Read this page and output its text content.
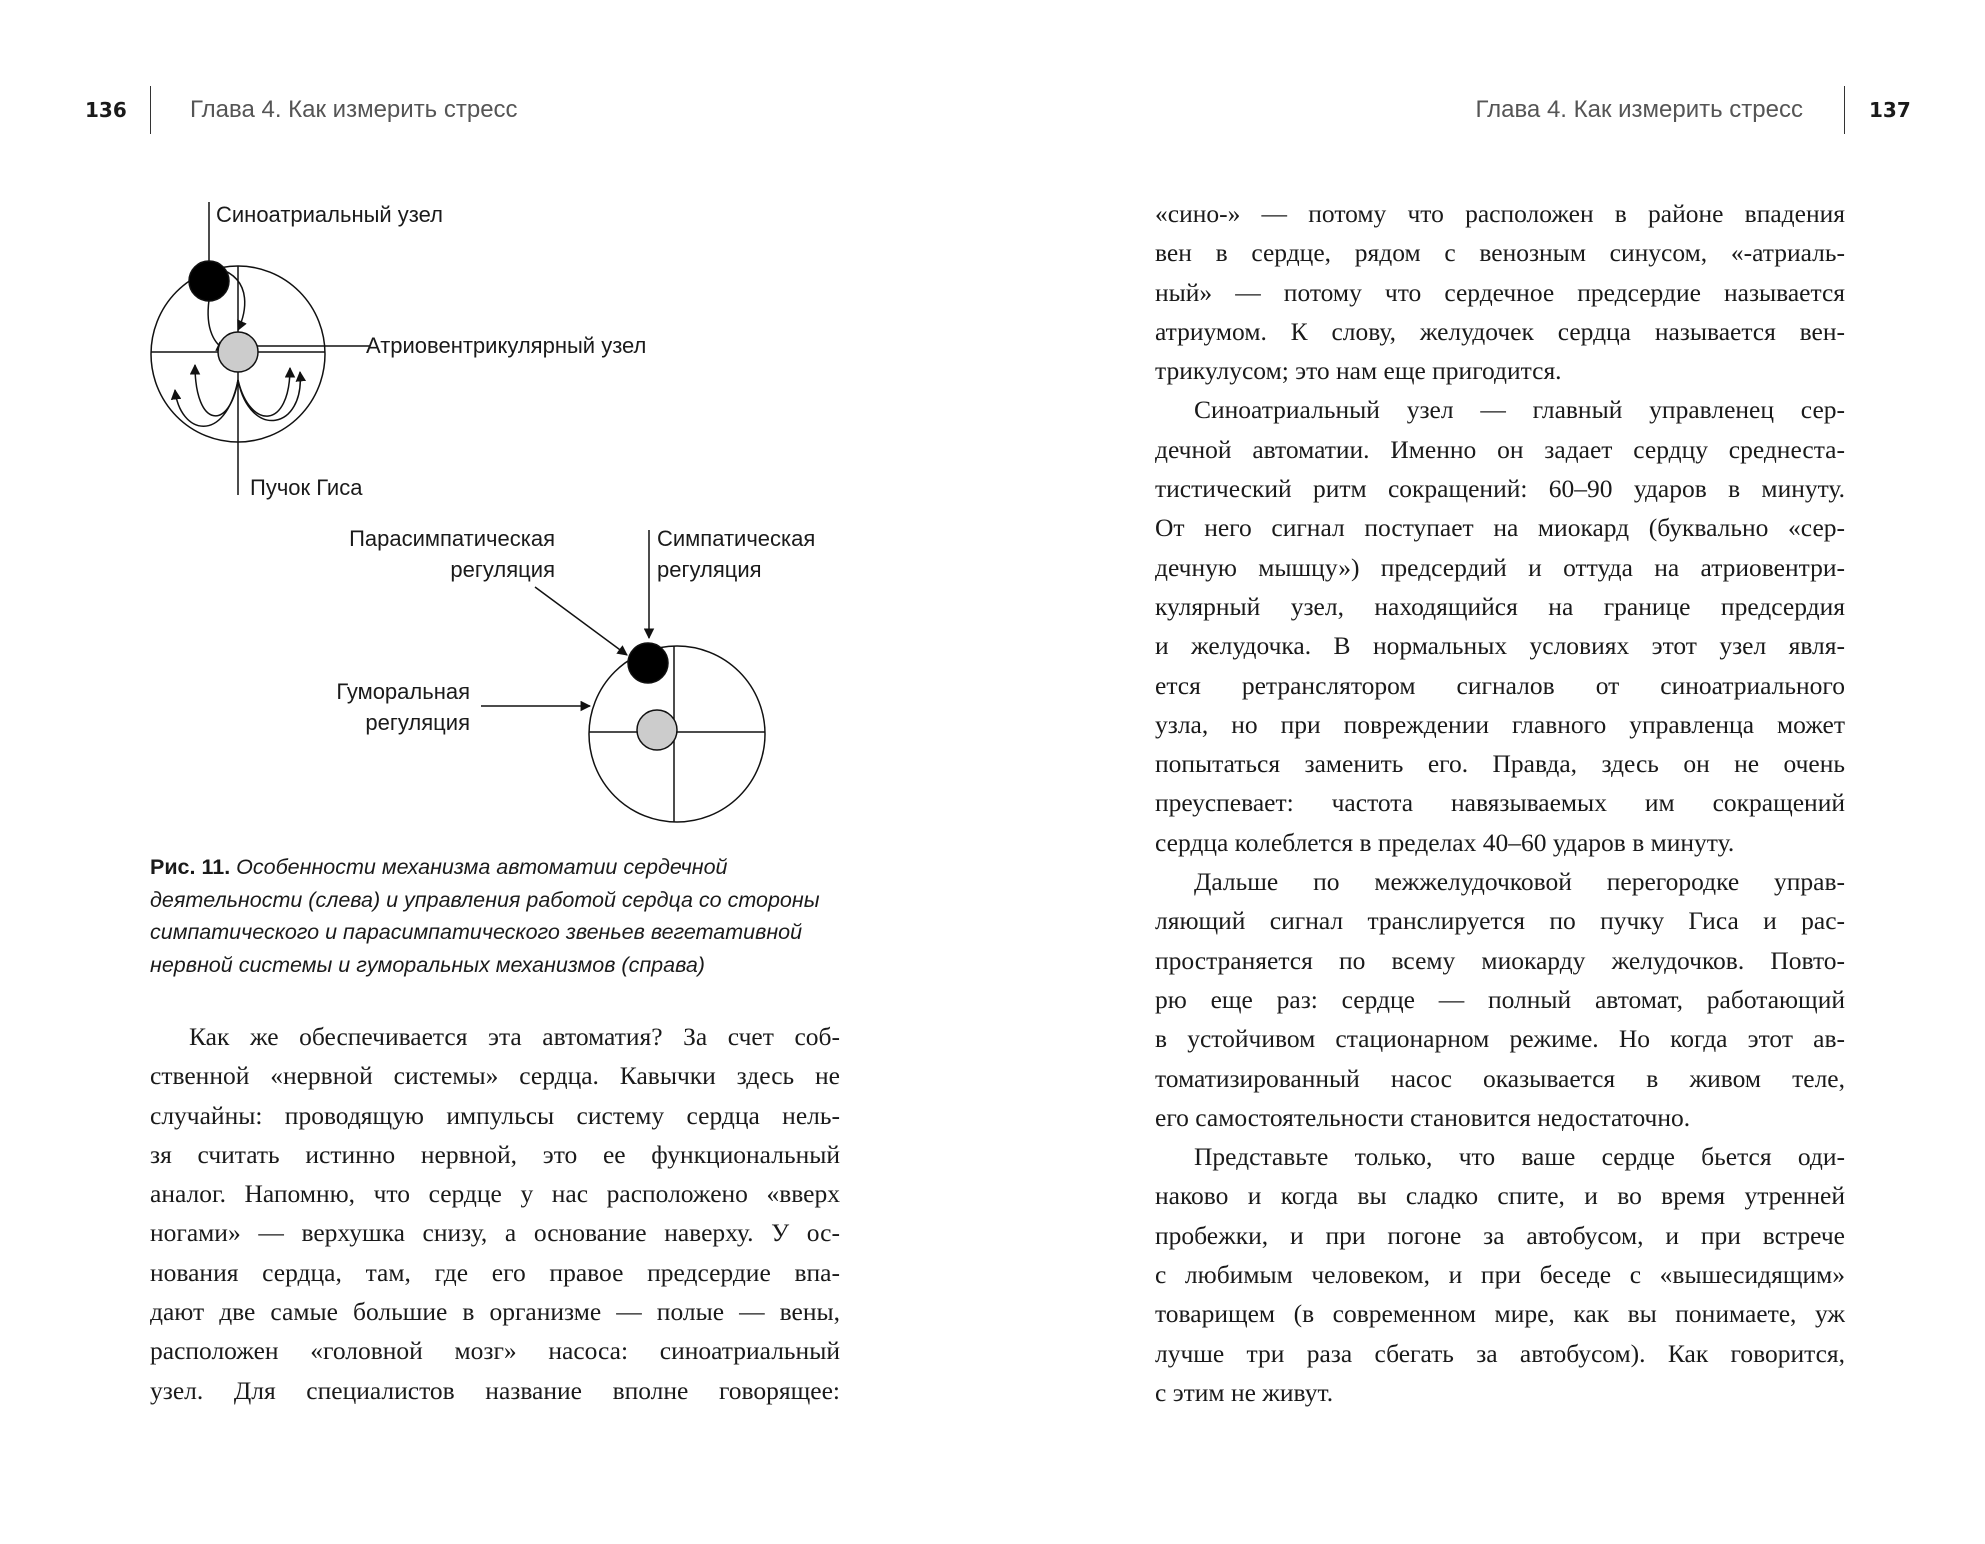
136	Глава 4. Как измерить стресс	Глава 4. Как измерить стресс	137
Синоатриальный узел
Атриовентрикулярный узел
Пучок Гиса
Парасимпатическая
регуляция
Симпатическая
регуляция
Гуморальная
регуляция
Рис. 11. Особенности механизма автоматии сердечной деятельности (слева) и управления работой сердца со стороны симпатического и парасимпатического звеньев вегетативной нервной системы и гуморальных механизмов (справа)
Как же обеспечивается эта автоматия? За счет соб-
ственной «нервной системы» сердца. Кавычки здесь не
случайны: проводящую импульсы систему сердца нель-
зя считать истинно нервной, это ее функциональный
аналог. Напомню, что сердце у нас расположено «вверх
ногами» — верхушка снизу, а основание наверху. У ос-
нования сердца, там, где его правое предсердие впа-
дают две самые большие в организме — полые — вены,
расположен «головной мозг» насоса: синоатриальный
узел. Для специалистов название вполне говорящее:
«сино-» — потому что расположен в районе впадения
вен в сердце, рядом с венозным синусом, «-атриаль-
ный» — потому что сердечное предсердие называется
атриумом. К слову, желудочек сердца называется вен-
трикулусом; это нам еще пригодится.
Синоатриальный узел — главный управленец сер-
дечной автоматии. Именно он задает сердцу среднеста-
тистический ритм сокращений: 60–90 ударов в минуту.
От него сигнал поступает на миокард (буквально «сер-
дечную мышцу») предсердий и оттуда на атриовентри-
кулярный узел, находящийся на границе предсердия
и желудочка. В нормальных условиях этот узел явля-
ется ретранслятором сигналов от синоатриального
узла, но при повреждении главного управленца может
попытаться заменить его. Правда, здесь он не очень
преуспевает: частота навязываемых им сокращений
сердца колеблется в пределах 40–60 ударов в минуту.
Дальше по межжелудочковой перегородке управ-
ляющий сигнал транслируется по пучку Гиса и рас-
пространяется по всему миокарду желудочков. Повто-
рю еще раз: сердце — полный автомат, работающий
в устойчивом стационарном режиме. Но когда этот ав-
томатизированный насос оказывается в живом теле,
его самостоятельности становится недостаточно.
Представьте только, что ваше сердце бьется оди-
наково и когда вы сладко спите, и во время утренней
пробежки, и при погоне за автобусом, и при встрече
с любимым человеком, и при беседе с «вышесидящим»
товарищем (в современном мире, как вы понимаете, уж
лучше три раза сбегать за автобусом). Как говорится,
с этим не живут.
